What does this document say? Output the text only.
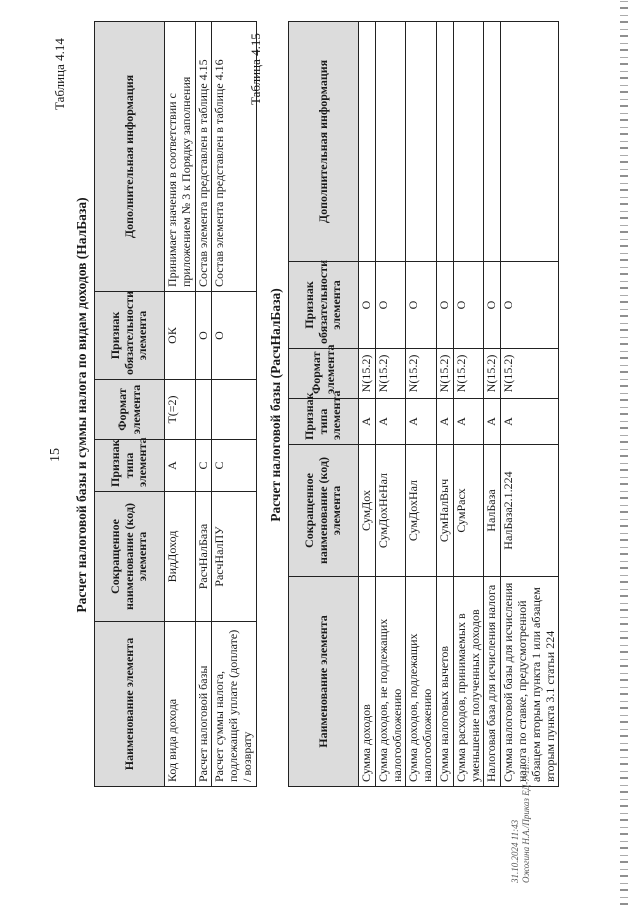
15
Таблица 4.14
Расчет налоговой базы и суммы налога по видам доходов (НалБаза)
Наименование элемента	Сокращенное наименование (код) элемента	Признак типа элемента	Формат элемента	Признак обязательности элемента	Дополнительная информация
Код вида дохода	ВидДоход	А	Т(=2)	ОК	Принимает значения в соответствии с приложением № 3 к Порядку заполнения
Расчет налоговой базы	РасчНалБаза	С		О	Состав элемента представлен в таблице 4.15
Расчет суммы налога, подлежащей уплате (доплате) / возврату	РасчНалПУ	С		О	Состав элемента представлен в таблице 4.16 Таблица 4.15
Расчет налоговой базы (РасчНалБаза)
Наименование элемента	Сокращенное наименование (код) элемента	Признак типа элемента	Формат элемента	Признак обязательности элемента	Дополнительная информация
Сумма доходов	СумДох	А	N(15.2)	О	
Сумма доходов, не подлежащих налогообложению	СумДохНеНал	А	N(15.2)	О	
Сумма доходов, подлежащих налогообложению	СумДохНал	А	N(15.2)	О	
Сумма налоговых вычетов	СумНалВыч	А	N(15.2)	О	
Сумма расходов, принимаемых в уменьшение полученных доходов	СумРасх	А	N(15.2)	О	
Налоговая база для исчисления налога	НалБаза	А	N(15.2)	О	
Сумма налоговой базы для исчисления налога по ставке, предусмотренной абзацем вторым пункта 1 или абзацем вторым пункта 3.1 статьи 224	НалБаза2.1.224	А	N(15.2)	О	
31.10.2024 11:43 Ожогина Н.А./Приказ ЕД-7-11/...
